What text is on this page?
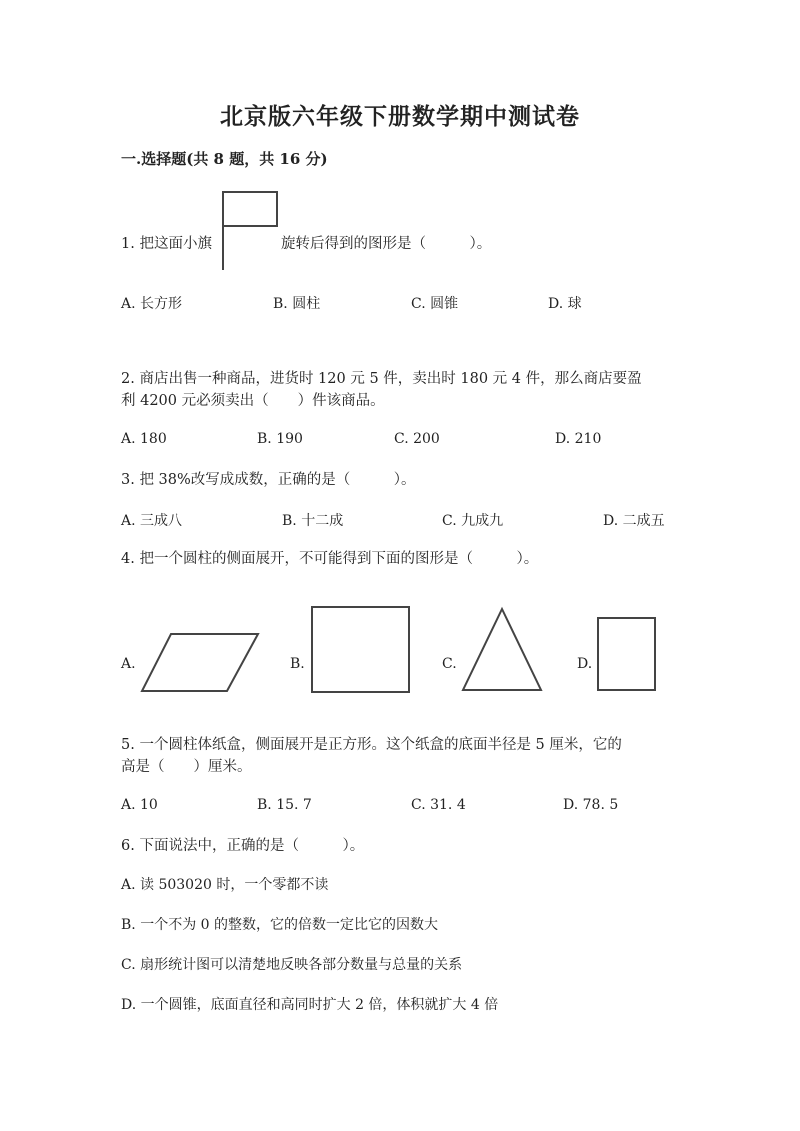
北京版六年级下册数学期中测试卷
一.选择题(共 8 题，共 16 分)
1. 把这面小旗	旋转后得到的图形是（　　　）。
A. 长方形	B. 圆柱	C. 圆锥	D. 球
2. 商店出售一种商品，进货时 120 元 5 件，卖出时 180 元 4 件，那么商店要盈
利 4200 元必须卖出（　　）件该商品。
A. 180	B. 190	C. 200	D. 210
3. 把 38%改写成成数，正确的是（　　　）。
A. 三成八	B. 十二成	C. 九成九	D. 二成五
4. 把一个圆柱的侧面展开，不可能得到下面的图形是（　　　）。
A.	B.	C.	D.
5. 一个圆柱体纸盒，侧面展开是正方形。这个纸盒的底面半径是 5 厘米，它的
高是（　　）厘米。
A. 10	B. 15. 7	C. 31. 4	D. 78. 5
6. 下面说法中，正确的是（　　　）。
A. 读 503020 时，一个零都不读
B. 一个不为 0 的整数，它的倍数一定比它的因数大
C. 扇形统计图可以清楚地反映各部分数量与总量的关系
D. 一个圆锥，底面直径和高同时扩大 2 倍，体积就扩大 4 倍
